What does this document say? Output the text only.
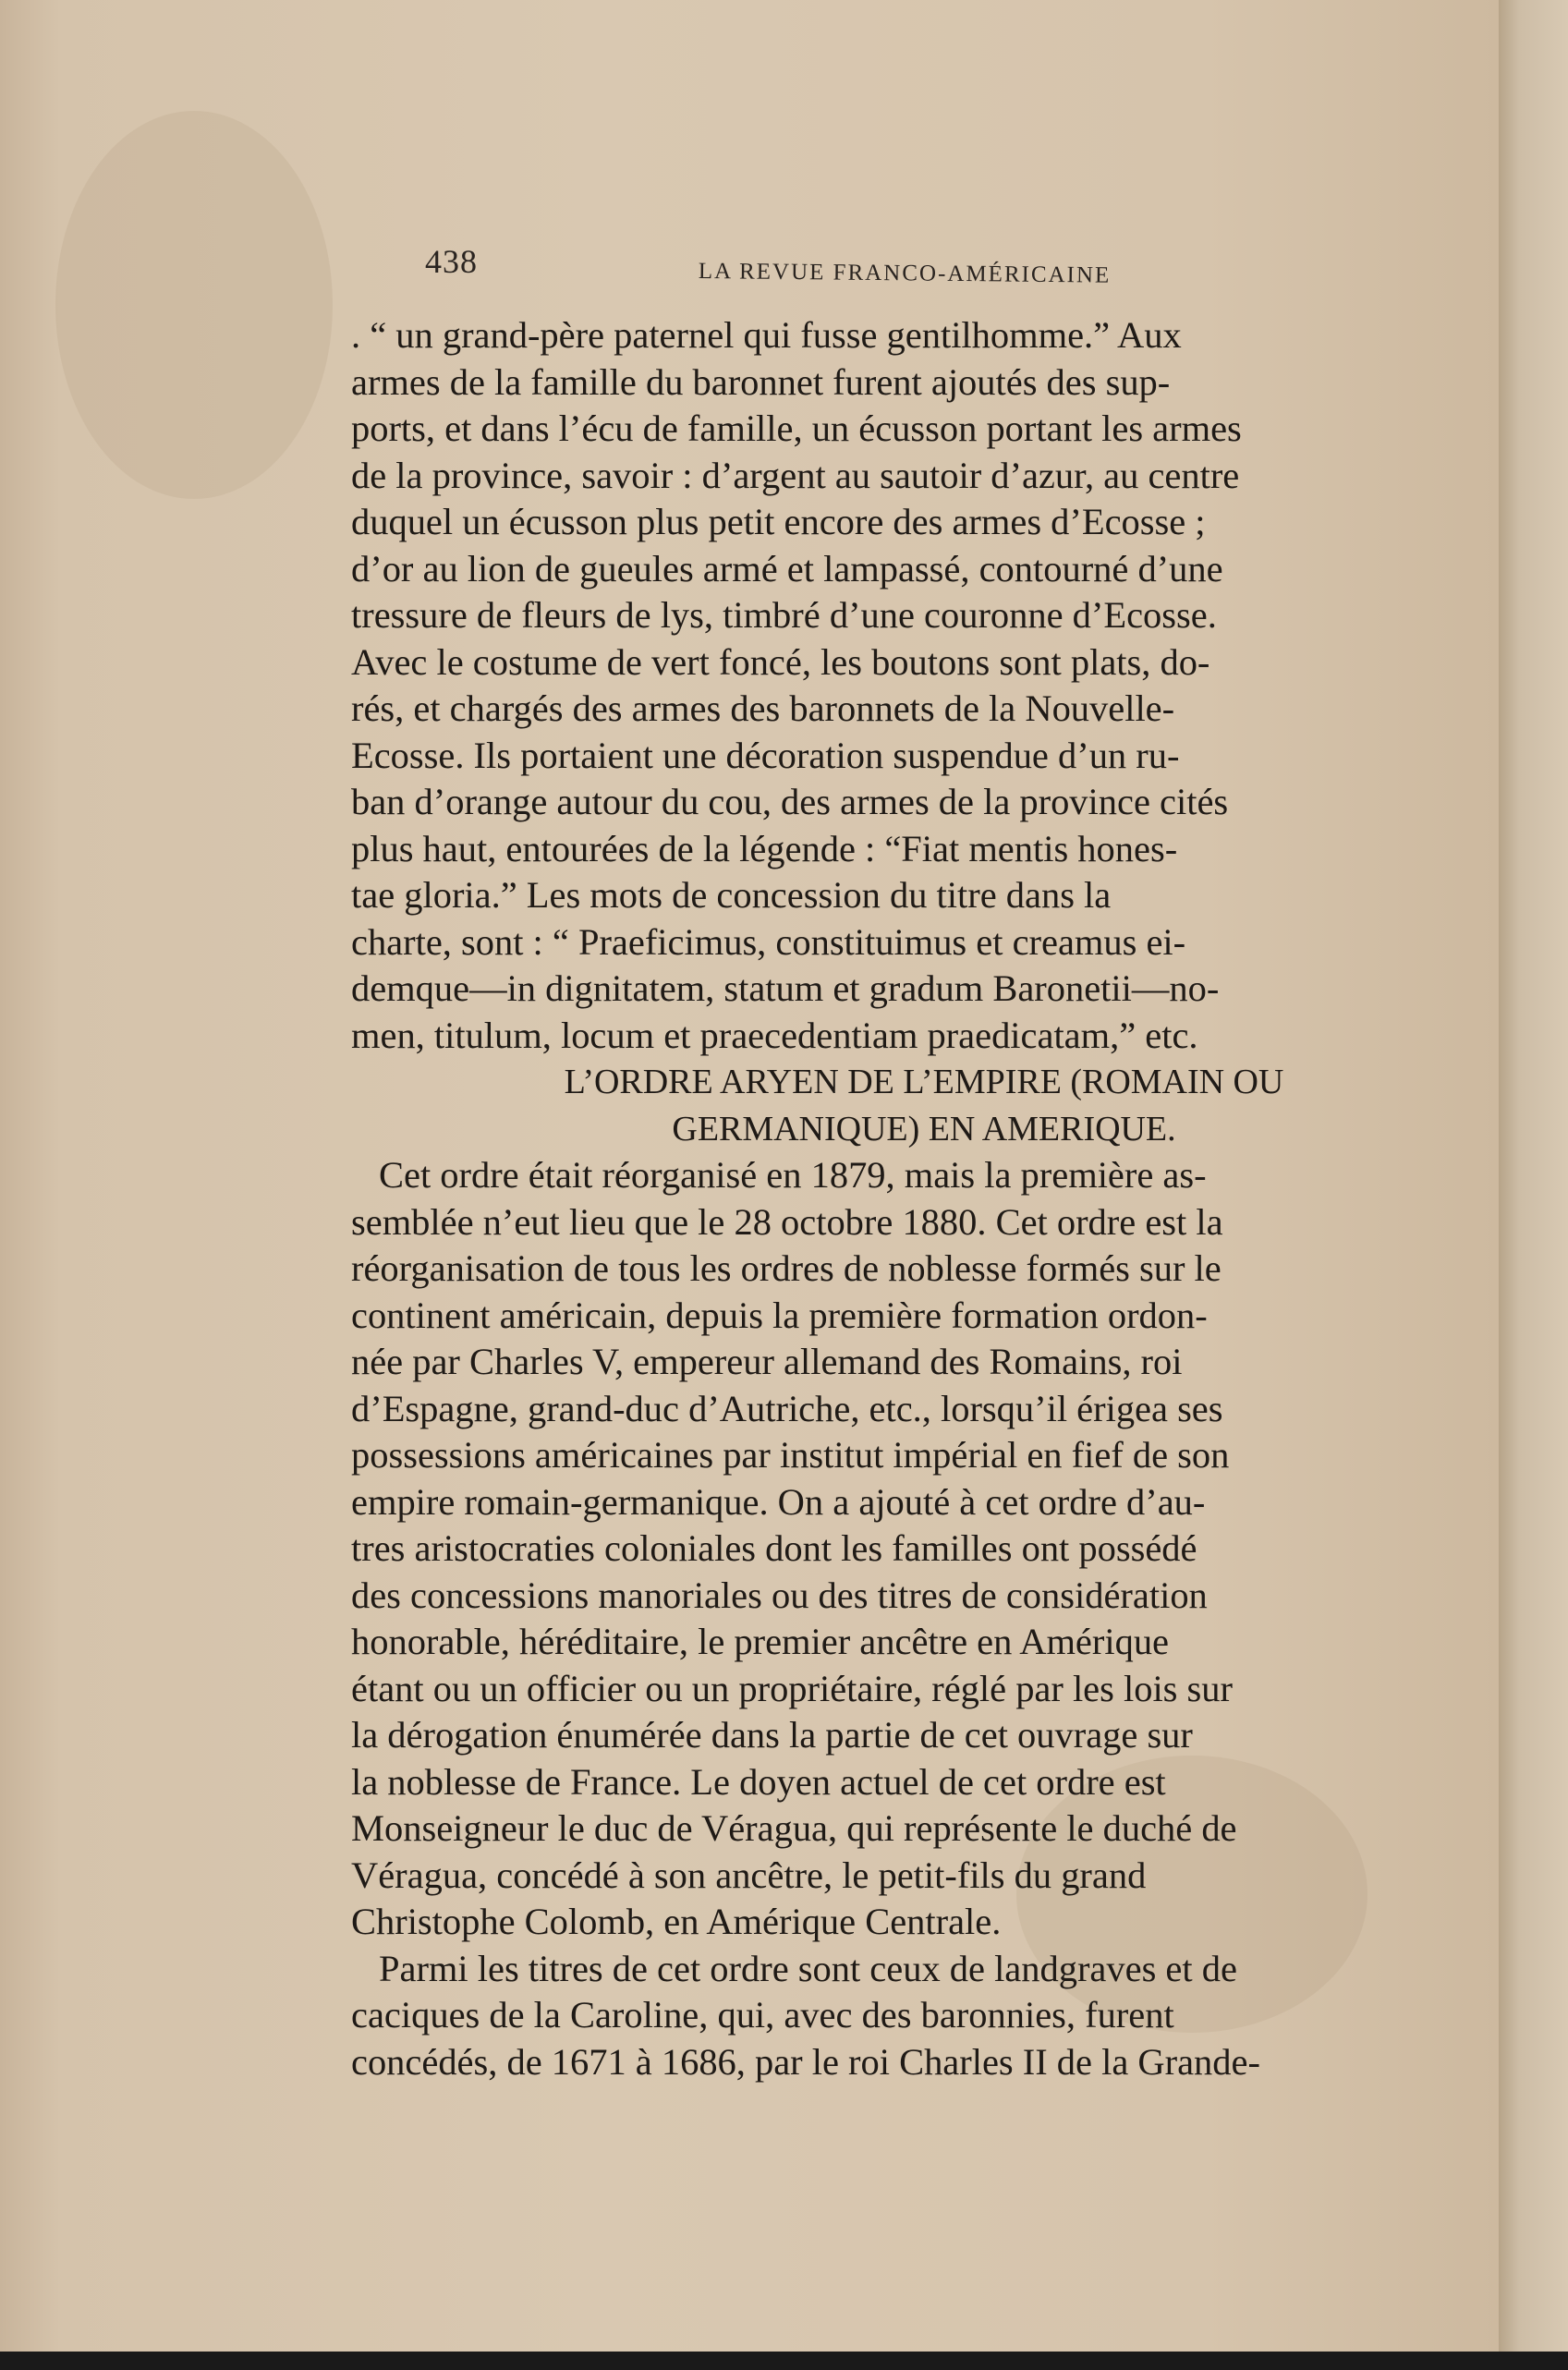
438	LA REVUE FRANCO-AMÉRICAINE
. “ un grand-père paternel qui fusse gentilhomme.” Aux
armes de la famille du baronnet furent ajoutés des sup-
ports, et dans l’écu de famille, un écusson portant les armes
de la province, savoir : d’argent au sautoir d’azur, au centre
duquel un écusson plus petit encore des armes d’Ecosse ;
d’or au lion de gueules armé et lampassé, contourné d’une
tressure de fleurs de lys, timbré d’une couronne d’Ecosse.
Avec le costume de vert foncé, les boutons sont plats, do-
rés, et chargés des armes des baronnets de la Nouvelle-
Ecosse. Ils portaient une décoration suspendue d’un ru-
ban d’orange autour du cou, des armes de la province cités
plus haut, entourées de la légende : “Fiat mentis hones-
tae gloria.” Les mots de concession du titre dans la
charte, sont : “ Praeficimus, constituimus et creamus ei-
demque—in dignitatem, statum et gradum Baronetii—no-
men, titulum, locum et praecedentiam praedicatam,” etc.
L’ORDRE ARYEN DE L’EMPIRE (ROMAIN OU
GERMANIQUE) EN AMERIQUE.
Cet ordre était réorganisé en 1879, mais la première as-
semblée n’eut lieu que le 28 octobre 1880. Cet ordre est la
réorganisation de tous les ordres de noblesse formés sur le
continent américain, depuis la première formation ordon-
née par Charles V, empereur allemand des Romains, roi
d’Espagne, grand-duc d’Autriche, etc., lorsqu’il érigea ses
possessions américaines par institut impérial en fief de son
empire romain-germanique. On a ajouté à cet ordre d’au-
tres aristocraties coloniales dont les familles ont possédé
des concessions manoriales ou des titres de considération
honorable, héréditaire, le premier ancêtre en Amérique
étant ou un officier ou un propriétaire, réglé par les lois sur
la dérogation énumérée dans la partie de cet ouvrage sur
la noblesse de France. Le doyen actuel de cet ordre est
Monseigneur le duc de Véragua, qui représente le duché de
Véragua, concédé à son ancêtre, le petit-fils du grand
Christophe Colomb, en Amérique Centrale.
Parmi les titres de cet ordre sont ceux de landgraves et de
caciques de la Caroline, qui, avec des baronnies, furent
concédés, de 1671 à 1686, par le roi Charles II de la Grande-
